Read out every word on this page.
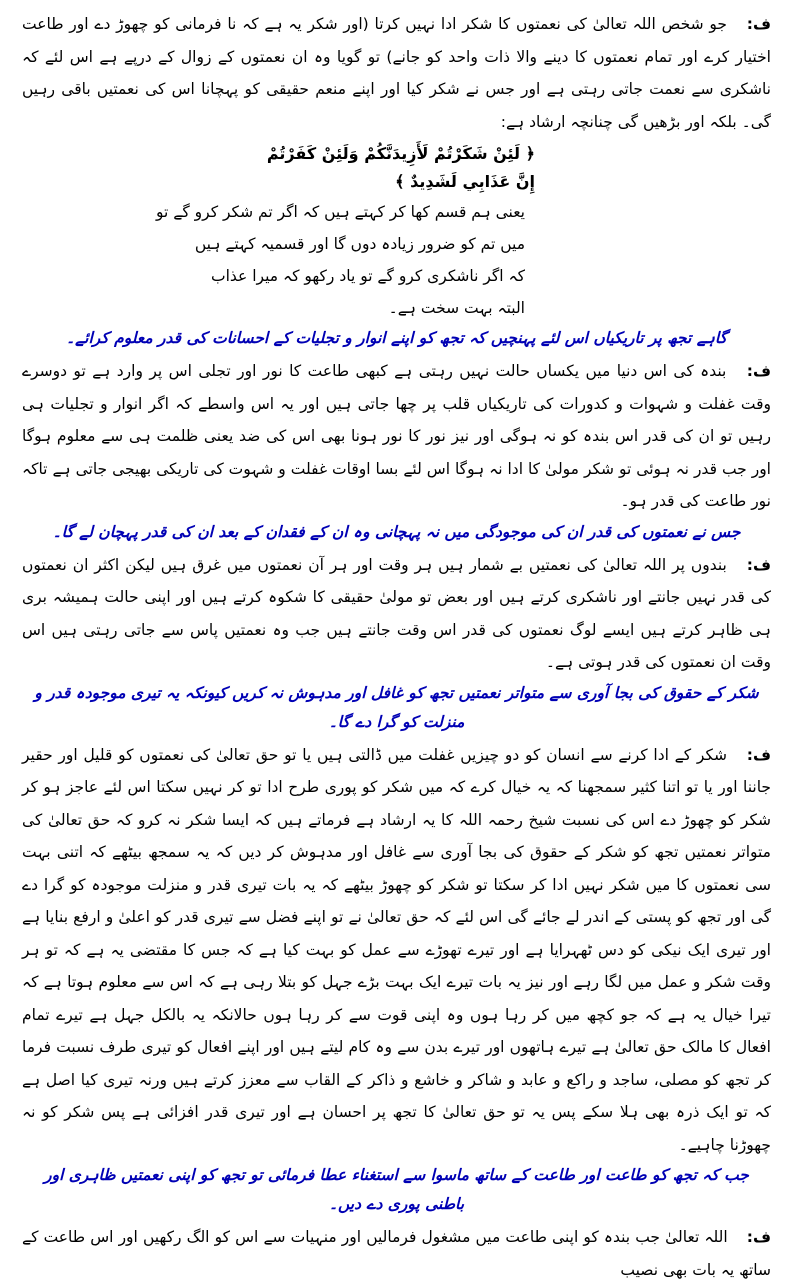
ف: جو شخص اللہ تعالیٰ کی نعمتوں کا شکر ادا نہیں کرتا (اور شکر یہ ہے کہ نا فرمانی کو چھوڑ دے اور طاعت اختیار کرے اور تمام نعمتوں کا دینے والا ذات واحد کو جانے) تو گویا وہ ان نعمتوں کے زوال کے درپے ہے اس لئے کہ ناشکری سے نعمت جاتی رہتی ہے اور جس نے شکر کیا اور اپنے منعم حقیقی کو پہچانا اس کی نعمتیں باقی رہیں گی۔ بلکہ اور بڑھیں گی چنانچہ ارشاد ہے:

﴿ لَئِنْ شَكَرْتُمْ لَأَزِيدَنَّكُمْ وَلَئِنْ كَفَرْتُمْ
إِنَّ عَذَابِي لَشَدِيدٌ ﴾
یعنی ہم قسم کھا کر کہتے ہیں کہ اگر تم شکر کرو گے تو
میں تم کو ضرور زیادہ دوں گا اور قسمیہ کہتے ہیں
کہ اگر ناشکری کرو گے تو یاد رکھو کہ میرا عذاب
البتہ بہت سخت ہے۔

گاہے تجھ پر تاریکیاں اس لئے پہنچیں کہ تجھ کو اپنے انوار و تجلیات کے احسانات کی قدر معلوم کرائے۔

ف: بندہ کی اس دنیا میں یکساں حالت نہیں رہتی ہے کبھی طاعت کا نور اور تجلی اس پر وارد ہے تو دوسرے وقت غفلت و شہوات و کدورات کی تاریکیاں قلب پر چھا جاتی ہیں اور یہ اس واسطے کہ اگر انوار و تجلیات ہی رہیں تو ان کی قدر اس بندہ کو نہ ہوگی اور نیز نور کا نور ہونا بھی اس کی ضد یعنی ظلمت ہی سے معلوم ہوگا اور جب قدر نہ ہوئی تو شکر مولیٰ کا ادا نہ ہوگا اس لئے بسا اوقات غفلت و شہوت کی تاریکی بھیجی جاتی ہے تاکہ نور طاعت کی قدر ہو۔

جس نے نعمتوں کی قدر ان کی موجودگی میں نہ پہچانی وہ ان کے فقدان کے بعد ان کی قدر پہچان لے گا۔

ف: بندوں پر اللہ تعالیٰ کی نعمتیں بے شمار ہیں ہر وقت اور ہر آن نعمتوں میں غرق ہیں لیکن اکثر ان نعمتوں کی قدر نہیں جانتے اور ناشکری کرتے ہیں اور بعض تو مولیٰ حقیقی کا شکوہ کرتے ہیں اور اپنی حالت ہمیشہ بری ہی ظاہر کرتے ہیں ایسے لوگ نعمتوں کی قدر اس وقت جانتے ہیں جب وہ نعمتیں پاس سے جاتی رہتی ہیں اس وقت ان نعمتوں کی قدر ہوتی ہے۔

شکر کے حقوق کی بجا آوری سے متواتر نعمتیں تجھ کو غافل اور مدہوش نہ کریں کیونکہ یہ تیری موجودہ قدر و منزلت کو گرا دے گا۔

ف: شکر کے ادا کرنے سے انسان کو دو چیزیں غفلت میں ڈالتی ہیں یا تو حق تعالیٰ کی نعمتوں کو قلیل اور حقیر جاننا اور یا تو اتنا کثیر سمجھنا کہ یہ خیال کرے کہ میں شکر کو پوری طرح ادا تو کر نہیں سکتا اس لئے عاجز ہو کر شکر کو چھوڑ دے اس کی نسبت شیخ رحمہ اللہ کا یہ ارشاد ہے فرماتے ہیں کہ ایسا شکر نہ کرو کہ حق تعالیٰ کی متواتر نعمتیں تجھ کو شکر کے حقوق کی بجا آوری سے غافل اور مدہوش کر دیں کہ یہ سمجھ بیٹھے کہ اتنی بہت سی نعمتوں کا میں شکر نہیں ادا کر سکتا تو شکر کو چھوڑ بیٹھے کہ یہ بات تیری قدر و منزلت موجودہ کو گرا دے گی اور تجھ کو پستی کے اندر لے جائے گی اس لئے کہ حق تعالیٰ نے تو اپنے فضل سے تیری قدر کو اعلیٰ و ارفع بنایا ہے اور تیری ایک نیکی کو دس ٹھہرایا ہے اور تیرے تھوڑے سے عمل کو بہت کیا ہے کہ جس کا مقتضی یہ ہے کہ تو ہر وقت شکر و عمل میں لگا رہے اور نیز یہ بات تیرے ایک بہت بڑے جہل کو بتلا رہی ہے کہ اس سے معلوم ہوتا ہے کہ تیرا خیال یہ ہے کہ جو کچھ میں کر رہا ہوں وہ اپنی قوت سے کر رہا ہوں حالانکہ یہ بالکل جہل ہے تیرے تمام افعال کا مالک حق تعالیٰ ہے تیرے ہاتھوں اور تیرے بدن سے وہ کام لیتے ہیں اور اپنے افعال کو تیری طرف نسبت فرما کر تجھ کو مصلی، ساجد و راکع و عابد و شاکر و خاشع و ذاکر کے القاب سے معزز کرتے ہیں ورنہ تیری کیا اصل ہے کہ تو ایک ذرہ بھی ہلا سکے پس یہ تو حق تعالیٰ کا تجھ پر احسان ہے اور تیری قدر افزائی ہے پس شکر کو نہ چھوڑنا چاہیے۔

جب کہ تجھ کو طاعت اور طاعت کے ساتھ ماسوا سے استغناء عطا فرمائی تو تجھ کو اپنی نعمتیں ظاہری اور باطنی پوری دے دیں۔

ف: اللہ تعالیٰ جب بندہ کو اپنی طاعت میں مشغول فرمالیں اور منہیات سے اس کو الگ رکھیں اور اس طاعت کے ساتھ یہ بات بھی نصیب
